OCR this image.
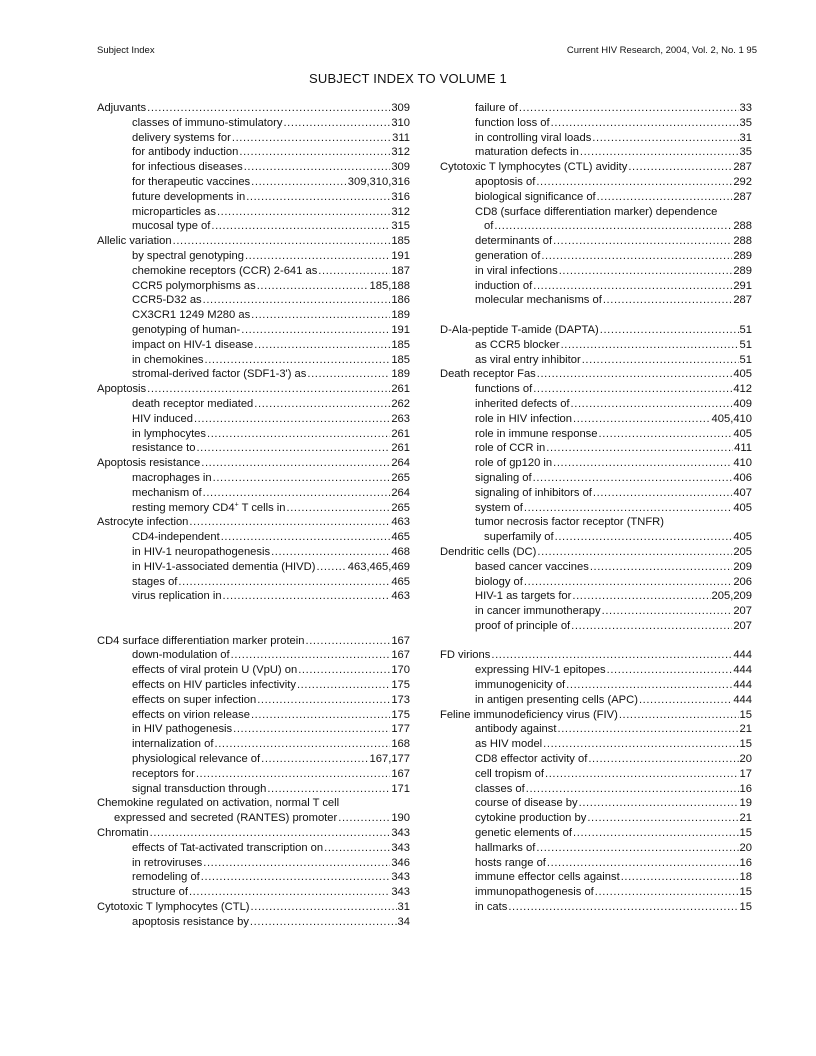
Subject Index	Current HIV Research, 2004, Vol. 2, No. 1 95
SUBJECT INDEX TO VOLUME 1
Adjuvants .....	309
classes of immuno-stimulatory .....	310
delivery systems for .....	311
for antibody induction .....	312
for infectious diseases .....	309
for therapeutic vaccines .....	309,310,316
future developments in .....	316
microparticles as .....	312
mucosal type of .....	315
Allelic variation .....	185
by spectral genotyping .....	191
chemokine receptors (CCR) 2-641 as .....	187
CCR5 polymorphisms as .....	185,188
CCR5-D32 as .....	186
CX3CR1 1249 M280 as .....	189
genotyping of human- .....	191
impact on HIV-1 disease .....	185
in chemokines .....	185
stromal-derived factor (SDF1-3') as .....	189
Apoptosis .....	261
death receptor mediated .....	262
HIV induced .....	263
in lymphocytes .....	261
resistance to .....	261
Apoptosis resistance .....	264
macrophages in .....	265
mechanism of .....	264
resting memory CD4+ T cells in .....	265
Astrocyte infection .....	463
CD4-independent .....	465
in HIV-1 neuropathogenesis .....	468
in HIV-1-associated dementia (HIVD) .....	463,465,469
stages of .....	465
virus replication in .....	463
CD4 surface differentiation marker protein .....	167
down-modulation of .....	167
effects of viral protein U (VpU) on .....	170
effects on HIV particles infectivity .....	175
effects on super infection .....	173
effects on virion release .....	175
in HIV pathogenesis .....	177
internalization of .....	168
physiological relevance of .....	167,177
receptors for .....	167
signal transduction through .....	171
Chemokine regulated on activation, normal T cell
expressed and secreted (RANTES) promoter .....	190
Chromatin .....	343
effects of Tat-activated transcription on .....	343
in retroviruses .....	346
remodeling of .....	343
structure of .....	343
Cytotoxic T lymphocytes (CTL) .....	31
apoptosis resistance by .....	34
failure of .....	33
function loss of .....	35
in controlling viral loads .....	31
maturation defects in .....	35
Cytotoxic T lymphocytes (CTL) avidity .....	287
apoptosis of .....	292
biological significance of .....	287
CD8 (surface differentiation marker) dependence
of .....	288
determinants of .....	288
generation of .....	289
in viral infections .....	289
induction of .....	291
molecular mechanisms of .....	287
D-Ala-peptide T-amide (DAPTA) .....	51
as CCR5 blocker .....	51
as viral entry inhibitor .....	51
Death receptor Fas .....	405
functions of .....	412
inherited defects of .....	409
role in HIV infection .....	405,410
role in immune response .....	405
role of CCR in .....	411
role of gp120 in .....	410
signaling of .....	406
signaling of inhibitors of .....	407
system of .....	405
tumor necrosis factor receptor (TNFR)
superfamily of .....	405
Dendritic cells (DC) .....	205
based cancer vaccines .....	209
biology of .....	206
HIV-1 as targets for .....	205,209
in cancer immunotherapy .....	207
proof of principle of .....	207
FD virions .....	444
expressing HIV-1 epitopes .....	444
immunogenicity of .....	444
in antigen presenting cells (APC) .....	444
Feline immunodeficiency virus (FIV) .....	15
antibody against .....	21
as HIV model .....	15
CD8 effector activity of .....	20
cell tropism of .....	17
classes of .....	16
course of disease by .....	19
cytokine production by .....	21
genetic elements of .....	15
hallmarks of .....	20
hosts range of .....	16
immune effector cells against .....	18
immunopathogenesis of .....	15
in cats .....	15
